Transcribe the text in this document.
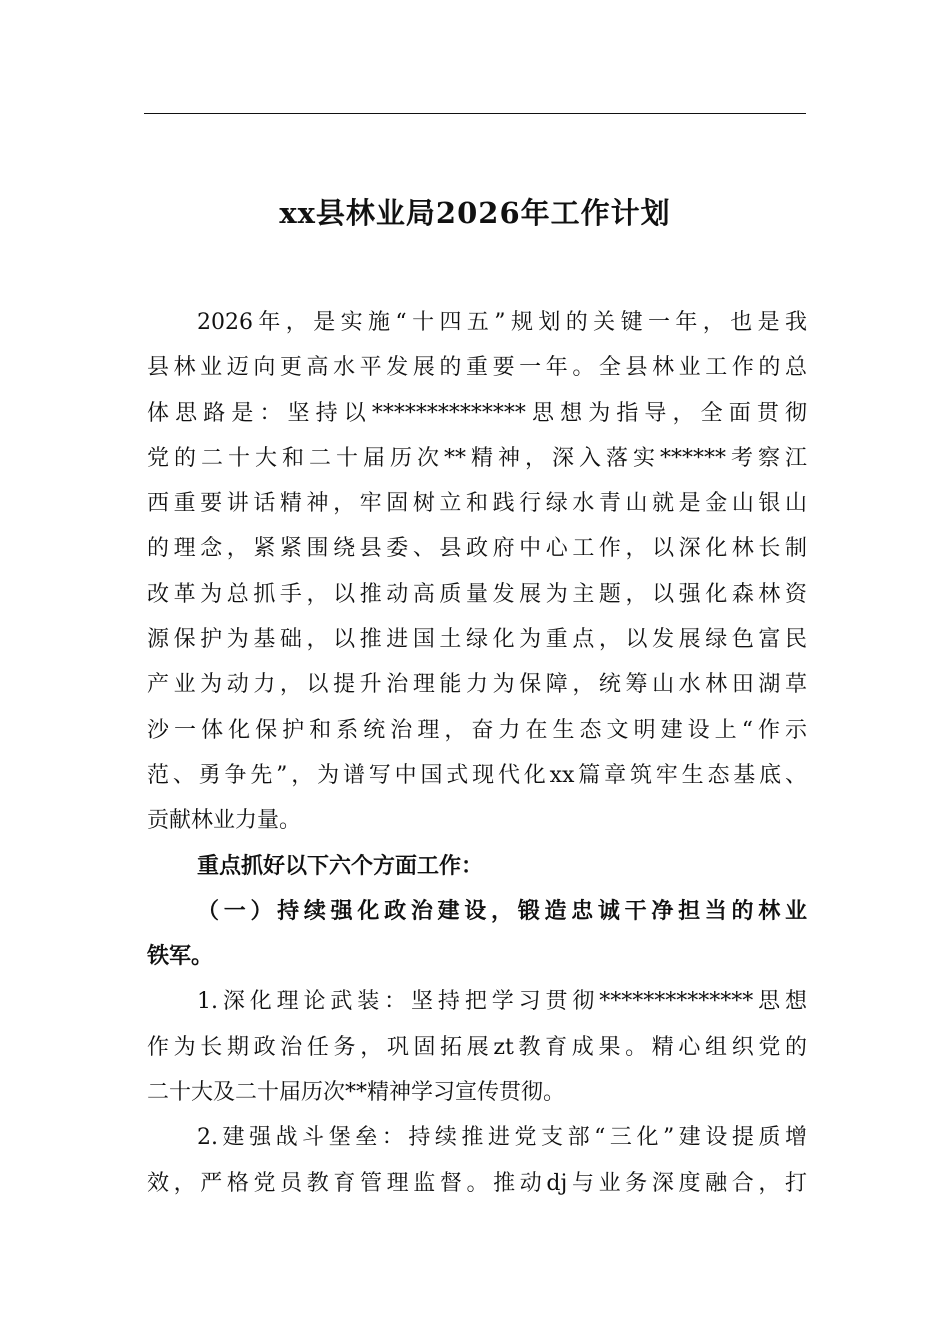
xx县林业局2026年工作计划
2026年，是实施“十四五”规划的关键一年，也是我
县林业迈向更高水平发展的重要一年。全县林业工作的总
体思路是：坚持以**************思想为指导，全面贯彻
党的二十大和二十届历次**精神，深入落实******考察江
西重要讲话精神，牢固树立和践行绿水青山就是金山银山
的理念，紧紧围绕县委、县政府中心工作，以深化林长制
改革为总抓手，以推动高质量发展为主题，以强化森林资
源保护为基础，以推进国土绿化为重点，以发展绿色富民
产业为动力，以提升治理能力为保障，统筹山水林田湖草
沙一体化保护和系统治理，奋力在生态文明建设上“作示
范、勇争先”，为谱写中国式现代化xx篇章筑牢生态基底、
贡献林业力量。
重点抓好以下六个方面工作：
（一）持续强化政治建设，锻造忠诚干净担当的林业
铁军。
1.深化理论武装：坚持把学习贯彻**************思想
作为长期政治任务，巩固拓展zt教育成果。精心组织党的
二十大及二十届历次**精神学习宣传贯彻。
2.建强战斗堡垒：持续推进党支部“三化”建设提质增
效，严格党员教育管理监督。推动dj与业务深度融合，打
